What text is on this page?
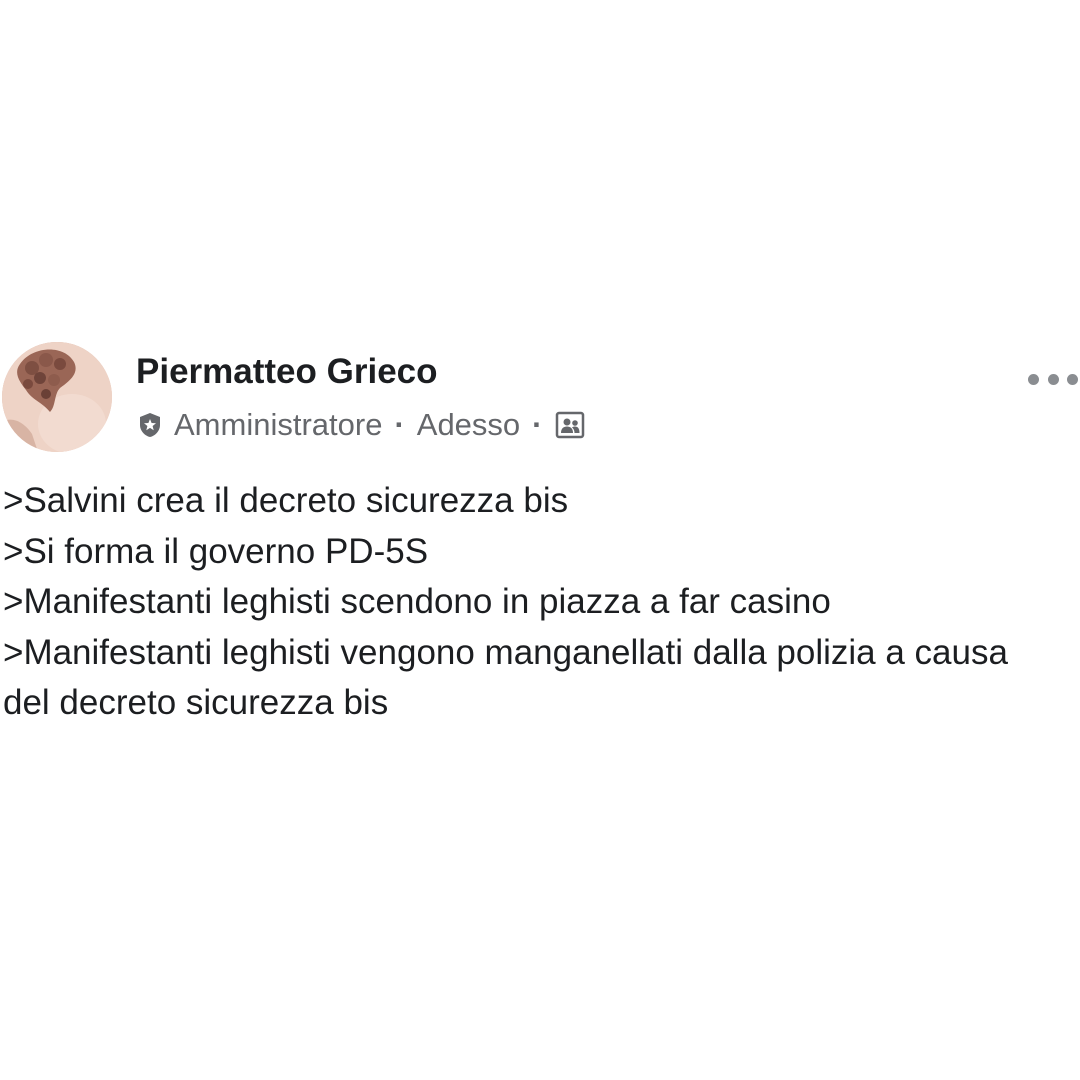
Piermatteo Grieco
Amministratore · Adesso ·

>Salvini crea il decreto sicurezza bis

>Si forma il governo PD-5S

>Manifestanti leghisti scendono in piazza a far casino

>Manifestanti leghisti vengono manganellati dalla polizia a causa del decreto sicurezza bis
